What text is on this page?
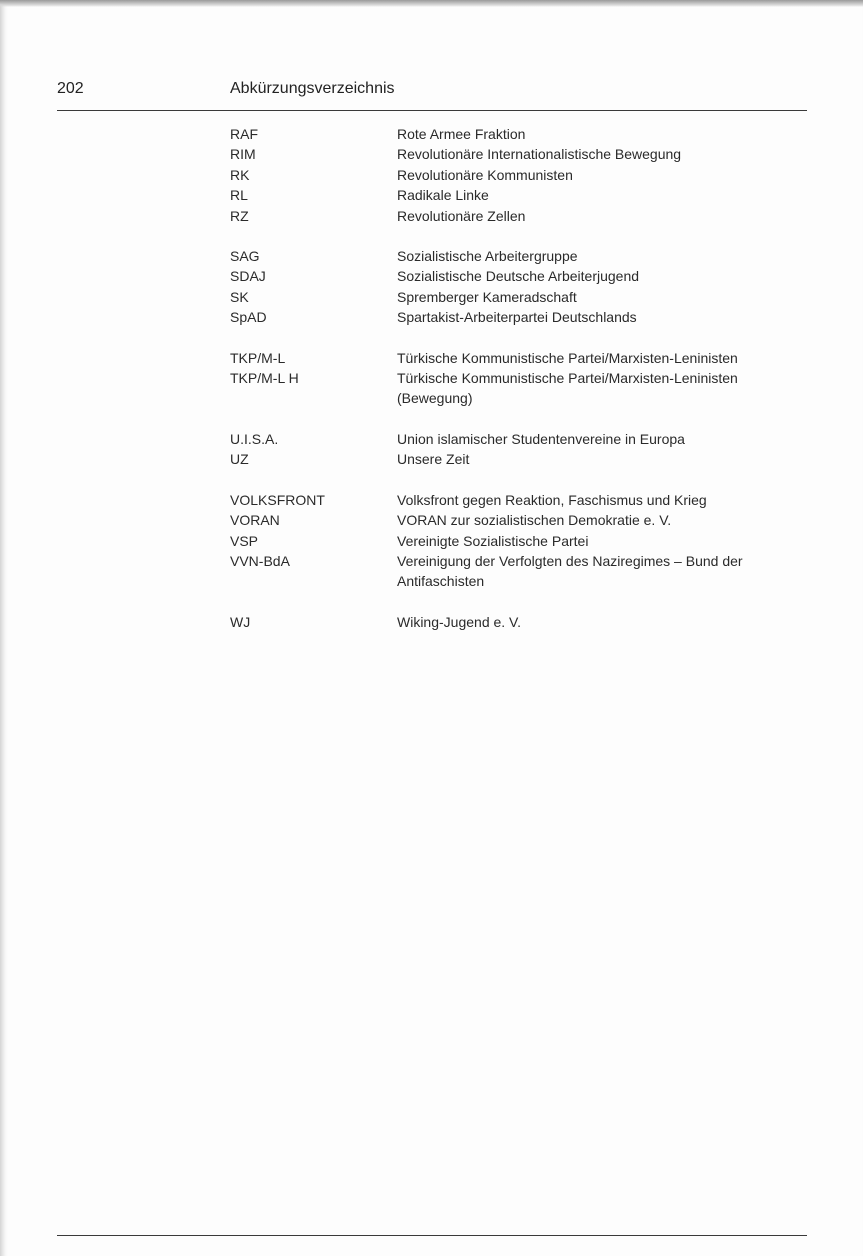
202	Abkürzungsverzeichnis
RAF	Rote Armee Fraktion
RIM	Revolutionäre Internationalistische Bewegung
RK	Revolutionäre Kommunisten
RL	Radikale Linke
RZ	Revolutionäre Zellen
SAG	Sozialistische Arbeitergruppe
SDAJ	Sozialistische Deutsche Arbeiterjugend
SK	Spremberger Kameradschaft
SpAD	Spartakist-Arbeiterpartei Deutschlands
TKP/M-L	Türkische Kommunistische Partei/Marxisten-Leninisten
TKP/M-L H	Türkische Kommunistische Partei/Marxisten-Leninisten (Bewegung)
U.I.S.A.	Union islamischer Studentenvereine in Europa
UZ	Unsere Zeit
VOLKSFRONT	Volksfront gegen Reaktion, Faschismus und Krieg
VORAN	VORAN zur sozialistischen Demokratie e. V.
VSP	Vereinigte Sozialistische Partei
VVN-BdA	Vereinigung der Verfolgten des Naziregimes – Bund der Antifaschisten
WJ	Wiking-Jugend e. V.
